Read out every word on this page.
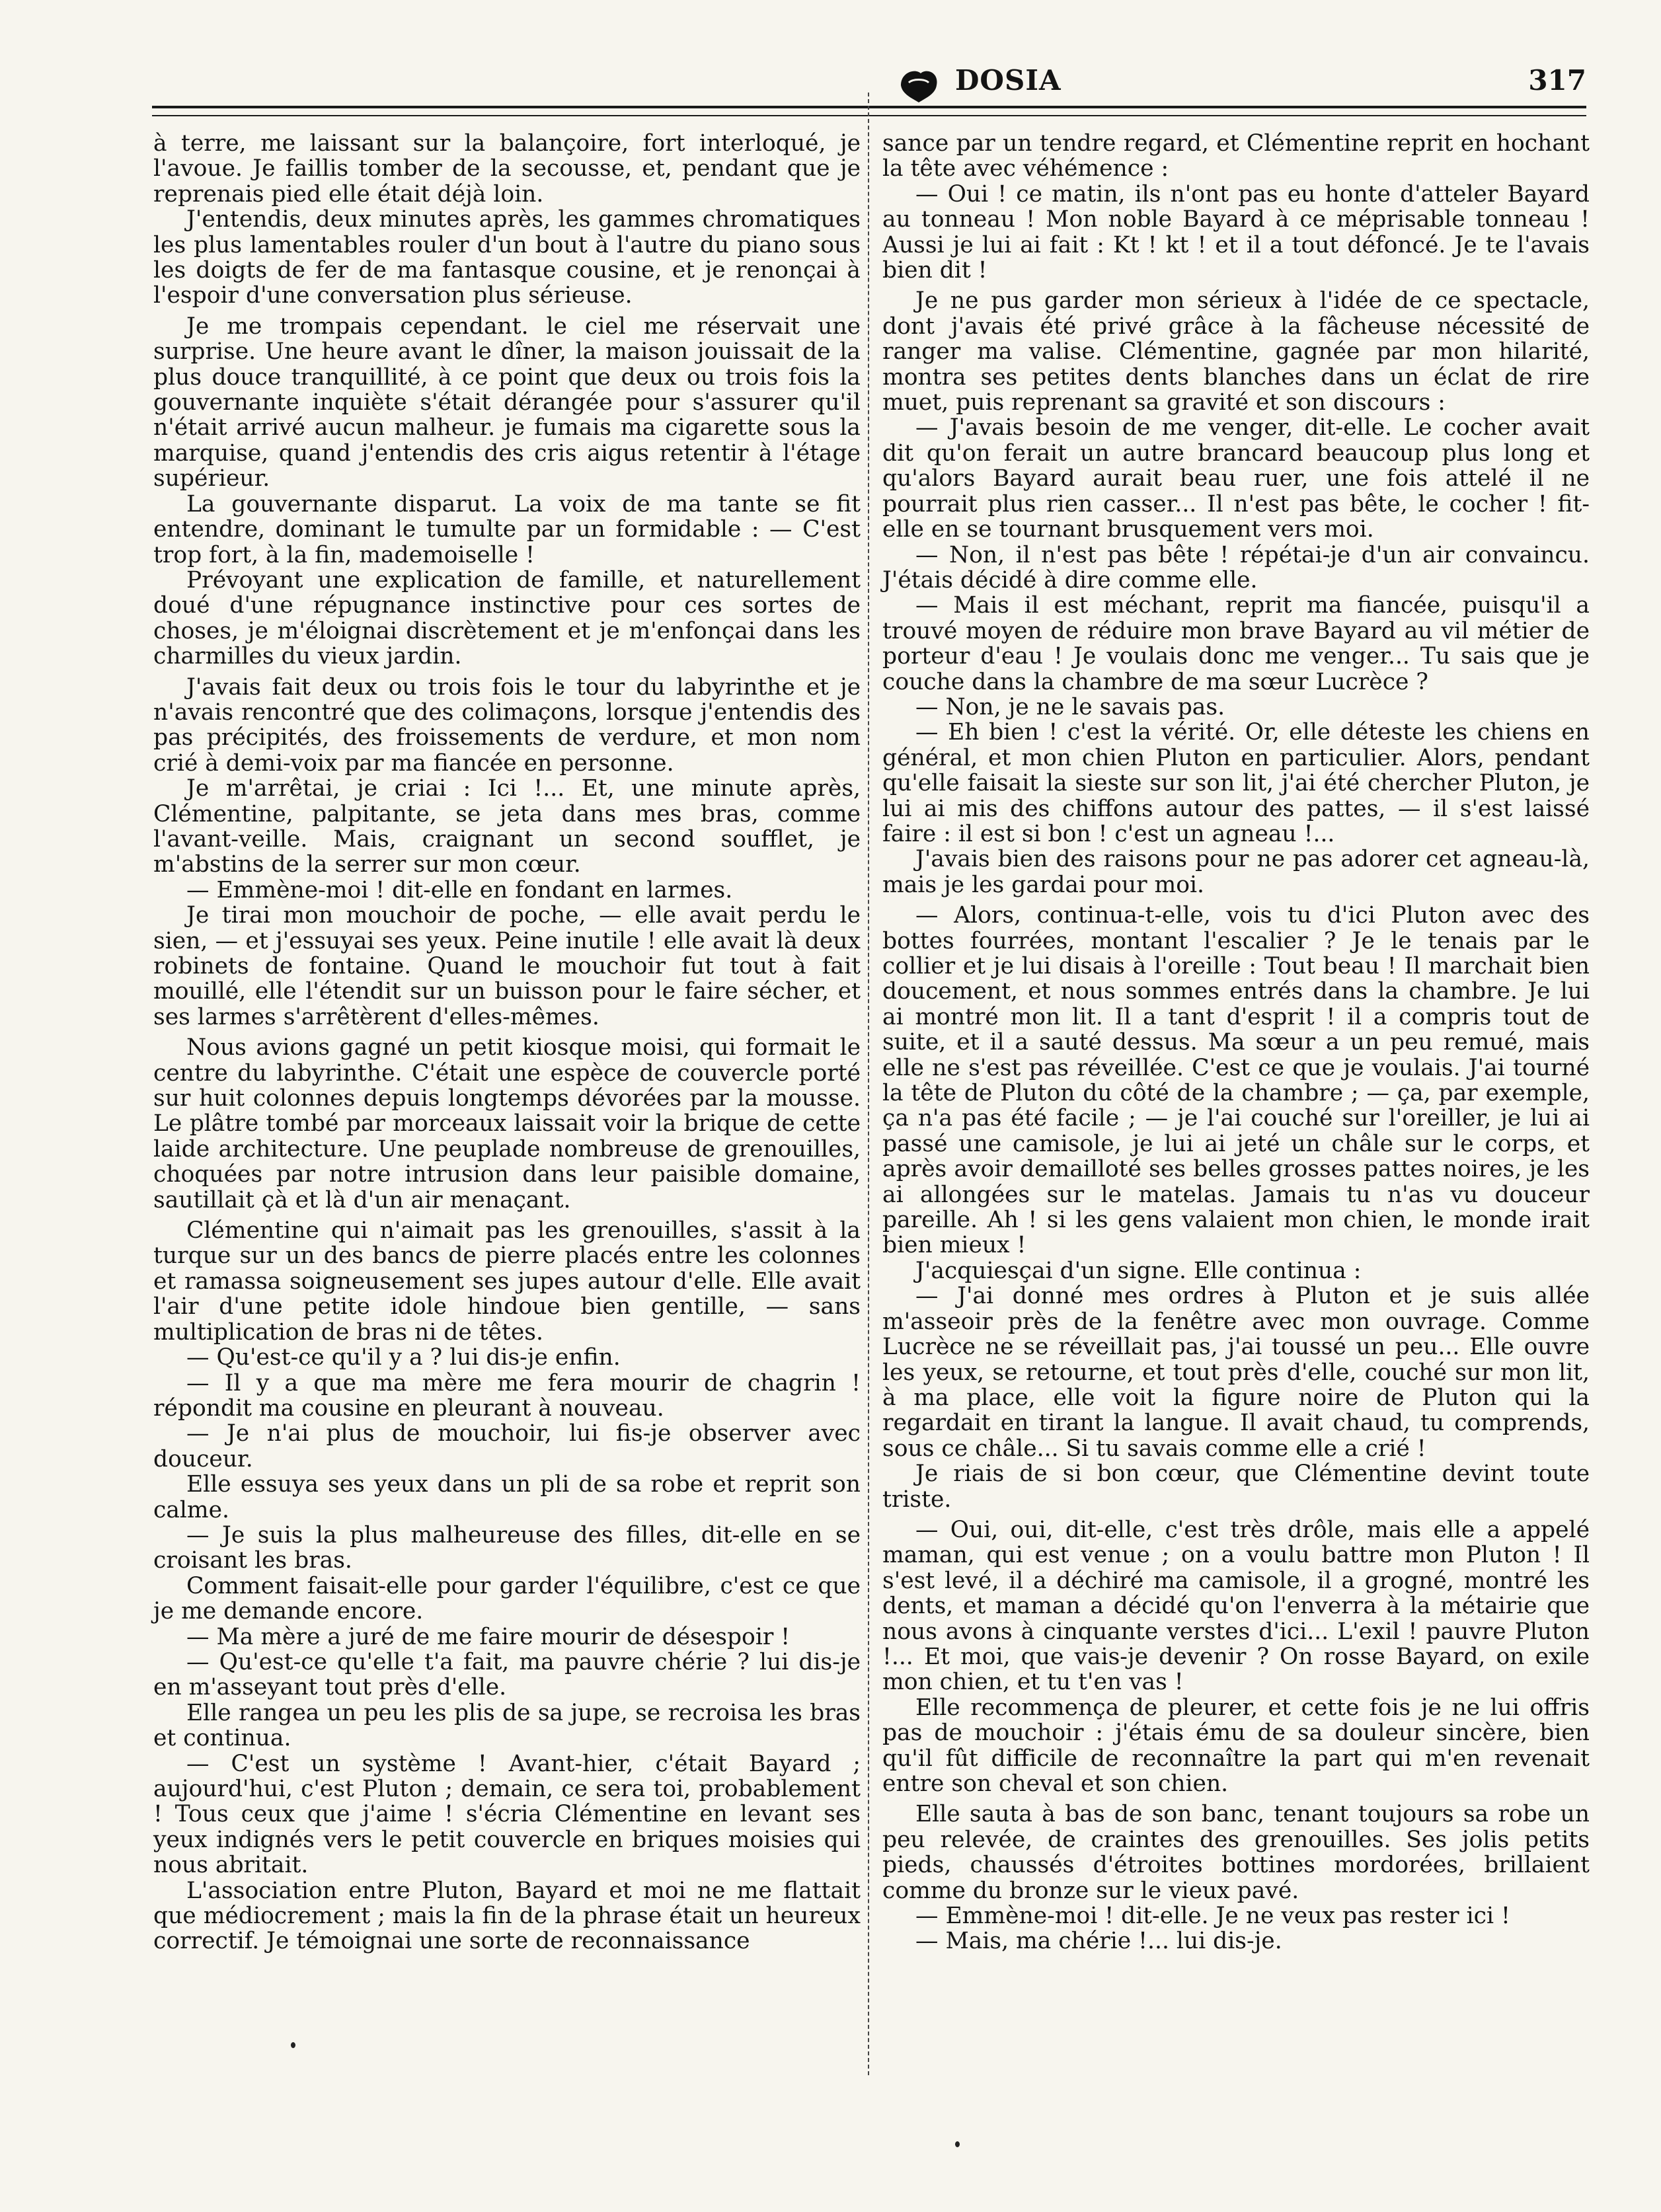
DOSIA	317

à terre, me laissant sur la balançoire, fort interloqué, je l'avoue. Je faillis tomber de la secousse, et, pendant que je reprenais pied elle était déjà loin.

J'entendis, deux minutes après, les gammes chromatiques les plus lamentables rouler d'un bout à l'autre du piano sous les doigts de fer de ma fantasque cousine, et je renonçai à l'espoir d'une conversation plus sérieuse.

Je me trompais cependant. le ciel me réservait une surprise. Une heure avant le dîner, la maison jouissait de la plus douce tranquillité, à ce point que deux ou trois fois la gouvernante inquiète s'était dérangée pour s'assurer qu'il n'était arrivé aucun malheur. je fumais ma cigarette sous la marquise, quand j'entendis des cris aigus retentir à l'étage supérieur.

La gouvernante disparut. La voix de ma tante se fit entendre, dominant le tumulte par un formidable : — C'est trop fort, à la fin, mademoiselle !

Prévoyant une explication de famille, et naturellement doué d'une répugnance instinctive pour ces sortes de choses, je m'éloignai discrètement et je m'enfonçai dans les charmilles du vieux jardin.

J'avais fait deux ou trois fois le tour du labyrinthe et je n'avais rencontré que des colimaçons, lorsque j'entendis des pas précipités, des froissements de verdure, et mon nom crié à demi-voix par ma fiancée en personne.

Je m'arrêtai, je criai : Ici !... Et, une minute après, Clémentine, palpitante, se jeta dans mes bras, comme l'avant-veille. Mais, craignant un second soufflet, je m'abstins de la serrer sur mon cœur.

— Emmène-moi ! dit-elle en fondant en larmes.

Je tirai mon mouchoir de poche, — elle avait perdu le sien, — et j'essuyai ses yeux. Peine inutile ! elle avait là deux robinets de fontaine. Quand le mouchoir fut tout à fait mouillé, elle l'étendit sur un buisson pour le faire sécher, et ses larmes s'arrêtèrent d'elles-mêmes.

Nous avions gagné un petit kiosque moisi, qui formait le centre du labyrinthe. C'était une espèce de couvercle porté sur huit colonnes depuis longtemps dévorées par la mousse. Le plâtre tombé par morceaux laissait voir la brique de cette laide architecture. Une peuplade nombreuse de grenouilles, choquées par notre intrusion dans leur paisible domaine, sautillait çà et là d'un air menaçant.

Clémentine qui n'aimait pas les grenouilles, s'assit à la turque sur un des bancs de pierre placés entre les colonnes et ramassa soigneusement ses jupes autour d'elle. Elle avait l'air d'une petite idole hindoue bien gentille, — sans multiplication de bras ni de têtes.

— Qu'est-ce qu'il y a ? lui dis-je enfin.

— Il y a que ma mère me fera mourir de chagrin ! répondit ma cousine en pleurant à nouveau.

— Je n'ai plus de mouchoir, lui fis-je observer avec douceur.

Elle essuya ses yeux dans un pli de sa robe et reprit son calme.

— Je suis la plus malheureuse des filles, dit-elle en se croisant les bras.

Comment faisait-elle pour garder l'équilibre, c'est ce que je me demande encore.

— Ma mère a juré de me faire mourir de désespoir !

— Qu'est-ce qu'elle t'a fait, ma pauvre chérie ? lui dis-je en m'asseyant tout près d'elle.

Elle rangea un peu les plis de sa jupe, se recroisa les bras et continua.

— C'est un système ! Avant-hier, c'était Bayard ; aujourd'hui, c'est Pluton ; demain, ce sera toi, probablement ! Tous ceux que j'aime ! s'écria Clémentine en levant ses yeux indignés vers le petit couvercle en briques moisies qui nous abritait.

L'association entre Pluton, Bayard et moi ne me flattait que médiocrement ; mais la fin de la phrase était un heureux correctif. Je témoignai une sorte de reconnaissance

sance par un tendre regard, et Clémentine reprit en hochant la tête avec véhémence :

— Oui ! ce matin, ils n'ont pas eu honte d'atteler Bayard au tonneau ! Mon noble Bayard à ce méprisable tonneau ! Aussi je lui ai fait : Kt ! kt ! et il a tout défoncé. Je te l'avais bien dit !

Je ne pus garder mon sérieux à l'idée de ce spectacle, dont j'avais été privé grâce à la fâcheuse nécessité de ranger ma valise. Clémentine, gagnée par mon hilarité, montra ses petites dents blanches dans un éclat de rire muet, puis reprenant sa gravité et son discours :

— J'avais besoin de me venger, dit-elle. Le cocher avait dit qu'on ferait un autre brancard beaucoup plus long et qu'alors Bayard aurait beau ruer, une fois attelé il ne pourrait plus rien casser... Il n'est pas bête, le cocher ! fit-elle en se tournant brusquement vers moi.

— Non, il n'est pas bête ! répétai-je d'un air convaincu. J'étais décidé à dire comme elle.

— Mais il est méchant, reprit ma fiancée, puisqu'il a trouvé moyen de réduire mon brave Bayard au vil métier de porteur d'eau ! Je voulais donc me venger... Tu sais que je couche dans la chambre de ma sœur Lucrèce ?

— Non, je ne le savais pas.

— Eh bien ! c'est la vérité. Or, elle déteste les chiens en général, et mon chien Pluton en particulier. Alors, pendant qu'elle faisait la sieste sur son lit, j'ai été chercher Pluton, je lui ai mis des chiffons autour des pattes, — il s'est laissé faire : il est si bon ! c'est un agneau !...

J'avais bien des raisons pour ne pas adorer cet agneau-là, mais je les gardai pour moi.

— Alors, continua-t-elle, vois tu d'ici Pluton avec des bottes fourrées, montant l'escalier ? Je le tenais par le collier et je lui disais à l'oreille : Tout beau ! Il marchait bien doucement, et nous sommes entrés dans la chambre. Je lui ai montré mon lit. Il a tant d'esprit ! il a compris tout de suite, et il a sauté dessus. Ma sœur a un peu remué, mais elle ne s'est pas réveillée. C'est ce que je voulais. J'ai tourné la tête de Pluton du côté de la chambre ; — ça, par exemple, ça n'a pas été facile ; — je l'ai couché sur l'oreiller, je lui ai passé une camisole, je lui ai jeté un châle sur le corps, et après avoir demailloté ses belles grosses pattes noires, je les ai allongées sur le matelas. Jamais tu n'as vu douceur pareille. Ah ! si les gens valaient mon chien, le monde irait bien mieux !

J'acquiesçai d'un signe. Elle continua :

— J'ai donné mes ordres à Pluton et je suis allée m'asseoir près de la fenêtre avec mon ouvrage. Comme Lucrèce ne se réveillait pas, j'ai toussé un peu... Elle ouvre les yeux, se retourne, et tout près d'elle, couché sur mon lit, à ma place, elle voit la figure noire de Pluton qui la regardait en tirant la langue. Il avait chaud, tu comprends, sous ce châle... Si tu savais comme elle a crié !

Je riais de si bon cœur, que Clémentine devint toute triste.

— Oui, oui, dit-elle, c'est très drôle, mais elle a appelé maman, qui est venue ; on a voulu battre mon Pluton ! Il s'est levé, il a déchiré ma camisole, il a grogné, montré les dents, et maman a décidé qu'on l'enverra à la métairie que nous avons à cinquante verstes d'ici... L'exil ! pauvre Pluton !... Et moi, que vais-je devenir ? On rosse Bayard, on exile mon chien, et tu t'en vas !

Elle recommença de pleurer, et cette fois je ne lui offris pas de mouchoir : j'étais ému de sa douleur sincère, bien qu'il fût difficile de reconnaître la part qui m'en revenait entre son cheval et son chien.

Elle sauta à bas de son banc, tenant toujours sa robe un peu relevée, de craintes des grenouilles. Ses jolis petits pieds, chaussés d'étroites bottines mordorées, brillaient comme du bronze sur le vieux pavé.

— Emmène-moi ! dit-elle. Je ne veux pas rester ici !

— Mais, ma chérie !... lui dis-je.
